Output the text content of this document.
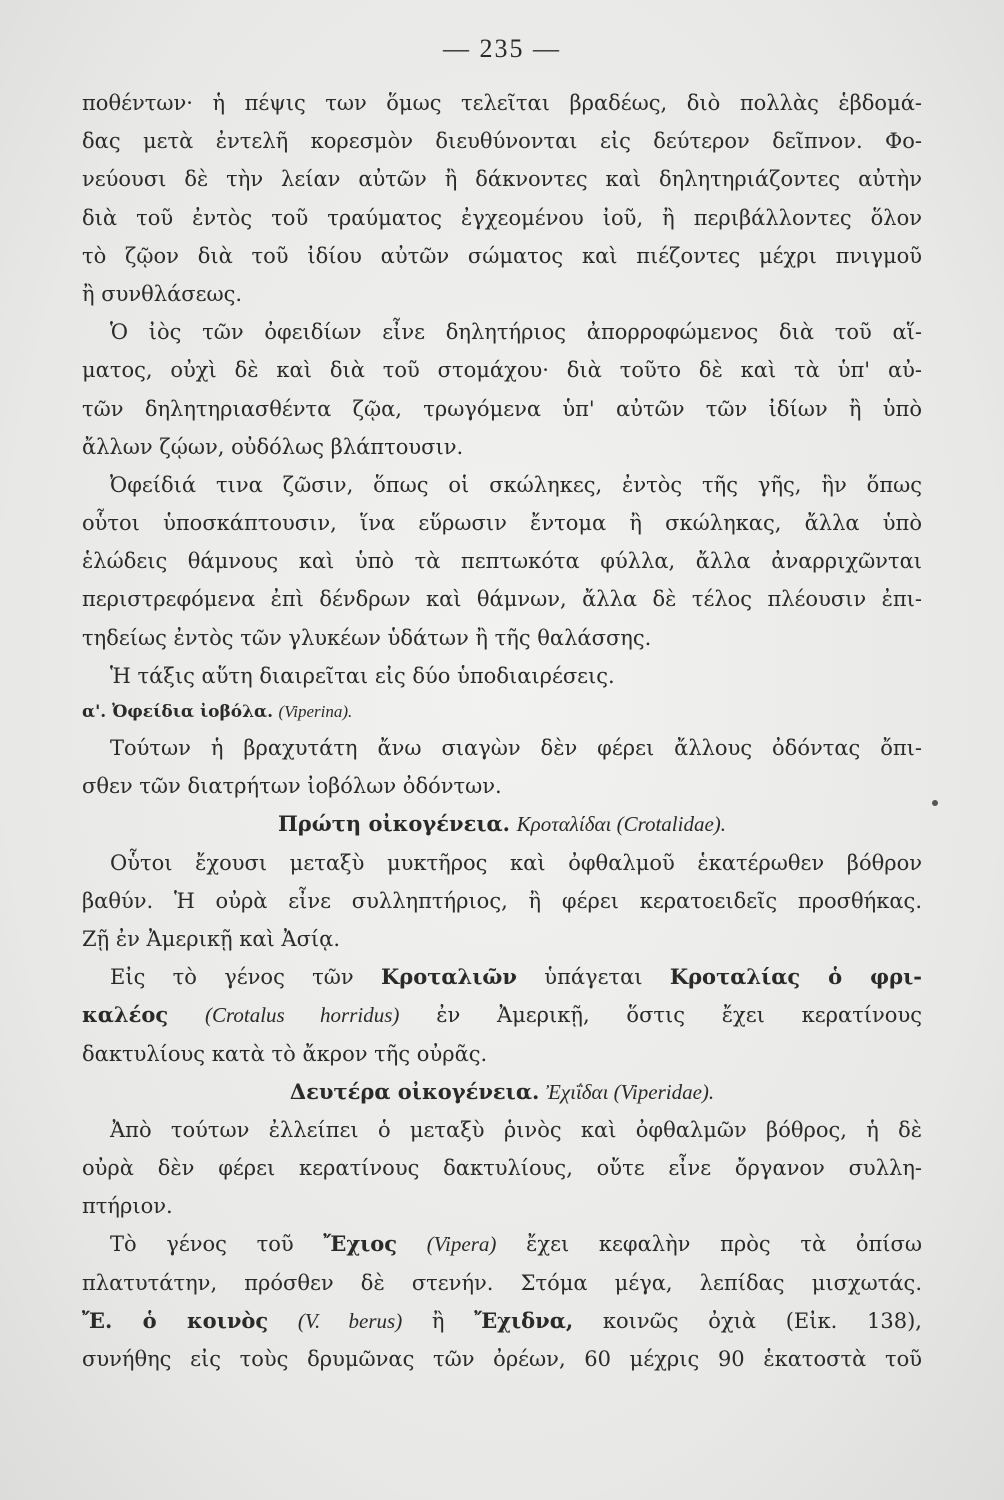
— 235 —
ποθέντων· ἡ πέψις των ὅμως τελεῖται βραδέως, διὸ πολλὰς ἑβδομά-
δας μετὰ ἐντελῆ κορεσμὸν διευθύνονται εἰς δεύτερον δεῖπνον. Φο-
νεύουσι δὲ τὴν λείαν αὐτῶν ἢ δάκνοντες καὶ δηλητηριάζοντες αὐτὴν
διὰ τοῦ ἐντὸς τοῦ τραύματος ἐγχεομένου ἰοῦ, ἢ περιβάλλοντες ὅλον
τὸ ζῷον διὰ τοῦ ἰδίου αὐτῶν σώματος καὶ πιέζοντες μέχρι πνιγμοῦ
ἢ συνθλάσεως.
Ὁ ἰὸς τῶν ὀφειδίων εἶνε δηλητήριος ἀπορροφώμενος διὰ τοῦ αἵ-
ματος, οὐχὶ δὲ καὶ διὰ τοῦ στομάχου· διὰ τοῦτο δὲ καὶ τὰ ὑπ' αὐ-
τῶν δηλητηριασθέντα ζῷα, τρωγόμενα ὑπ' αὐτῶν τῶν ἰδίων ἢ ὑπὸ
ἄλλων ζῴων, οὐδόλως βλάπτουσιν.
Ὀφείδιά τινα ζῶσιν, ὅπως οἱ σκώληκες, ἐντὸς τῆς γῆς, ἣν ὅπως
οὗτοι ὑποσκάπτουσιν, ἵνα εὕρωσιν ἔντομα ἢ σκώληκας, ἄλλα ὑπὸ
ἑλώδεις θάμνους καὶ ὑπὸ τὰ πεπτωκότα φύλλα, ἄλλα ἀναρριχῶνται
περιστρεφόμενα ἐπὶ δένδρων καὶ θάμνων, ἄλλα δὲ τέλος πλέουσιν ἐπι-
τηδείως ἐντὸς τῶν γλυκέων ὑδάτων ἢ τῆς θαλάσσης.
Ἡ τάξις αὕτη διαιρεῖται εἰς δύο ὑποδιαιρέσεις.
α'. Ὀφείδια ἰοβόλα. (Viperina).
Τούτων ἡ βραχυτάτη ἄνω σιαγὼν δὲν φέρει ἄλλους ὀδόντας ὄπι-
σθεν τῶν διατρήτων ἰοβόλων ὀδόντων.
Πρώτη οἰκογένεια. Κροταλίδαι (Crotalidae).
Οὗτοι ἔχουσι μεταξὺ μυκτῆρος καὶ ὀφθαλμοῦ ἑκατέρωθεν βόθρον
βαθύν. Ἡ οὐρὰ εἶνε συλληπτήριος, ἢ φέρει κερατοειδεῖς προσθήκας.
Ζῇ ἐν Ἀμερικῇ καὶ Ἀσίᾳ.
Εἰς τὸ γένος τῶν Κροταλιῶν ὑπάγεται Κροταλίας ὁ φρι-
καλέος (Crotalus horridus) ἐν Ἀμερικῇ, ὅστις ἔχει κερατίνους
δακτυλίους κατὰ τὸ ἄκρον τῆς οὐρᾶς.
Δευτέρα οἰκογένεια. Ἐχιΐδαι (Viperidae).
Ἀπὸ τούτων ἐλλείπει ὁ μεταξὺ ῥινὸς καὶ ὀφθαλμῶν βόθρος, ἡ δὲ
οὐρὰ δὲν φέρει κερατίνους δακτυλίους, οὔτε εἶνε ὄργανον συλλη-
πτήριον.
Τὸ γένος τοῦ Ἔχιος (Vipera) ἔχει κεφαλὴν πρὸς τὰ ὀπίσω
πλατυτάτην, πρόσθεν δὲ στενήν. Στόμα μέγα, λεπίδας μισχωτάς.
Ἔ. ὁ κοινὸς (V. berus) ἢ Ἔχιδνα, κοινῶς ὀχιὰ (Εἰκ. 138),
συνήθης εἰς τοὺς δρυμῶνας τῶν ὀρέων, 60 μέχρις 90 ἑκατοστὰ τοῦ
